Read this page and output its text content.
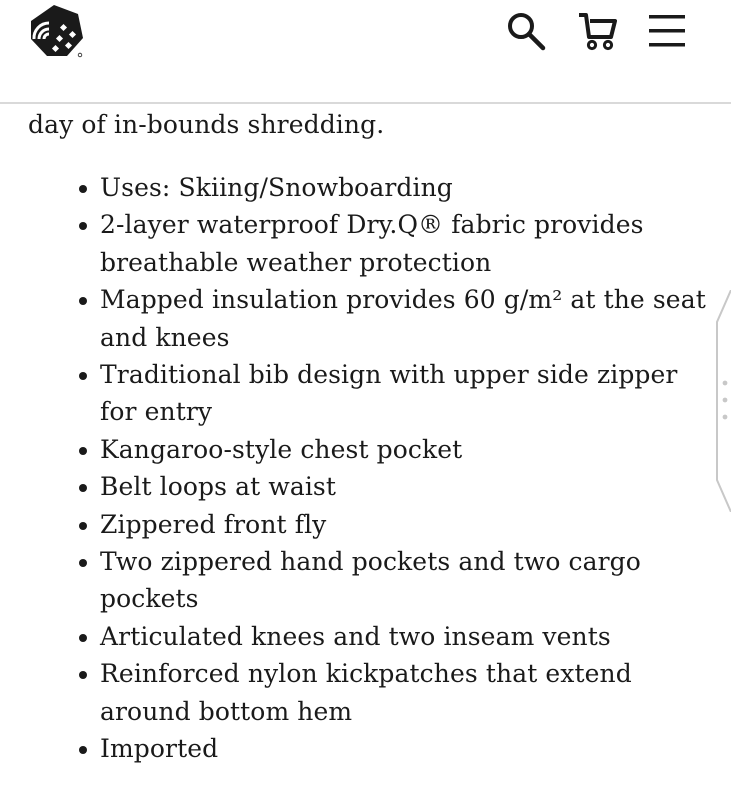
day of in-bounds shredding.

Uses: Skiing/Snowboarding
2-layer waterproof Dry.Q® fabric provides breathable weather protection
Mapped insulation provides 60 g/m² at the seat and knees
Traditional bib design with upper side zipper for entry
Kangaroo-style chest pocket
Belt loops at waist
Zippered front fly
Two zippered hand pockets and two cargo pockets
Articulated knees and two inseam vents
Reinforced nylon kickpatches that extend around bottom hem
Imported
